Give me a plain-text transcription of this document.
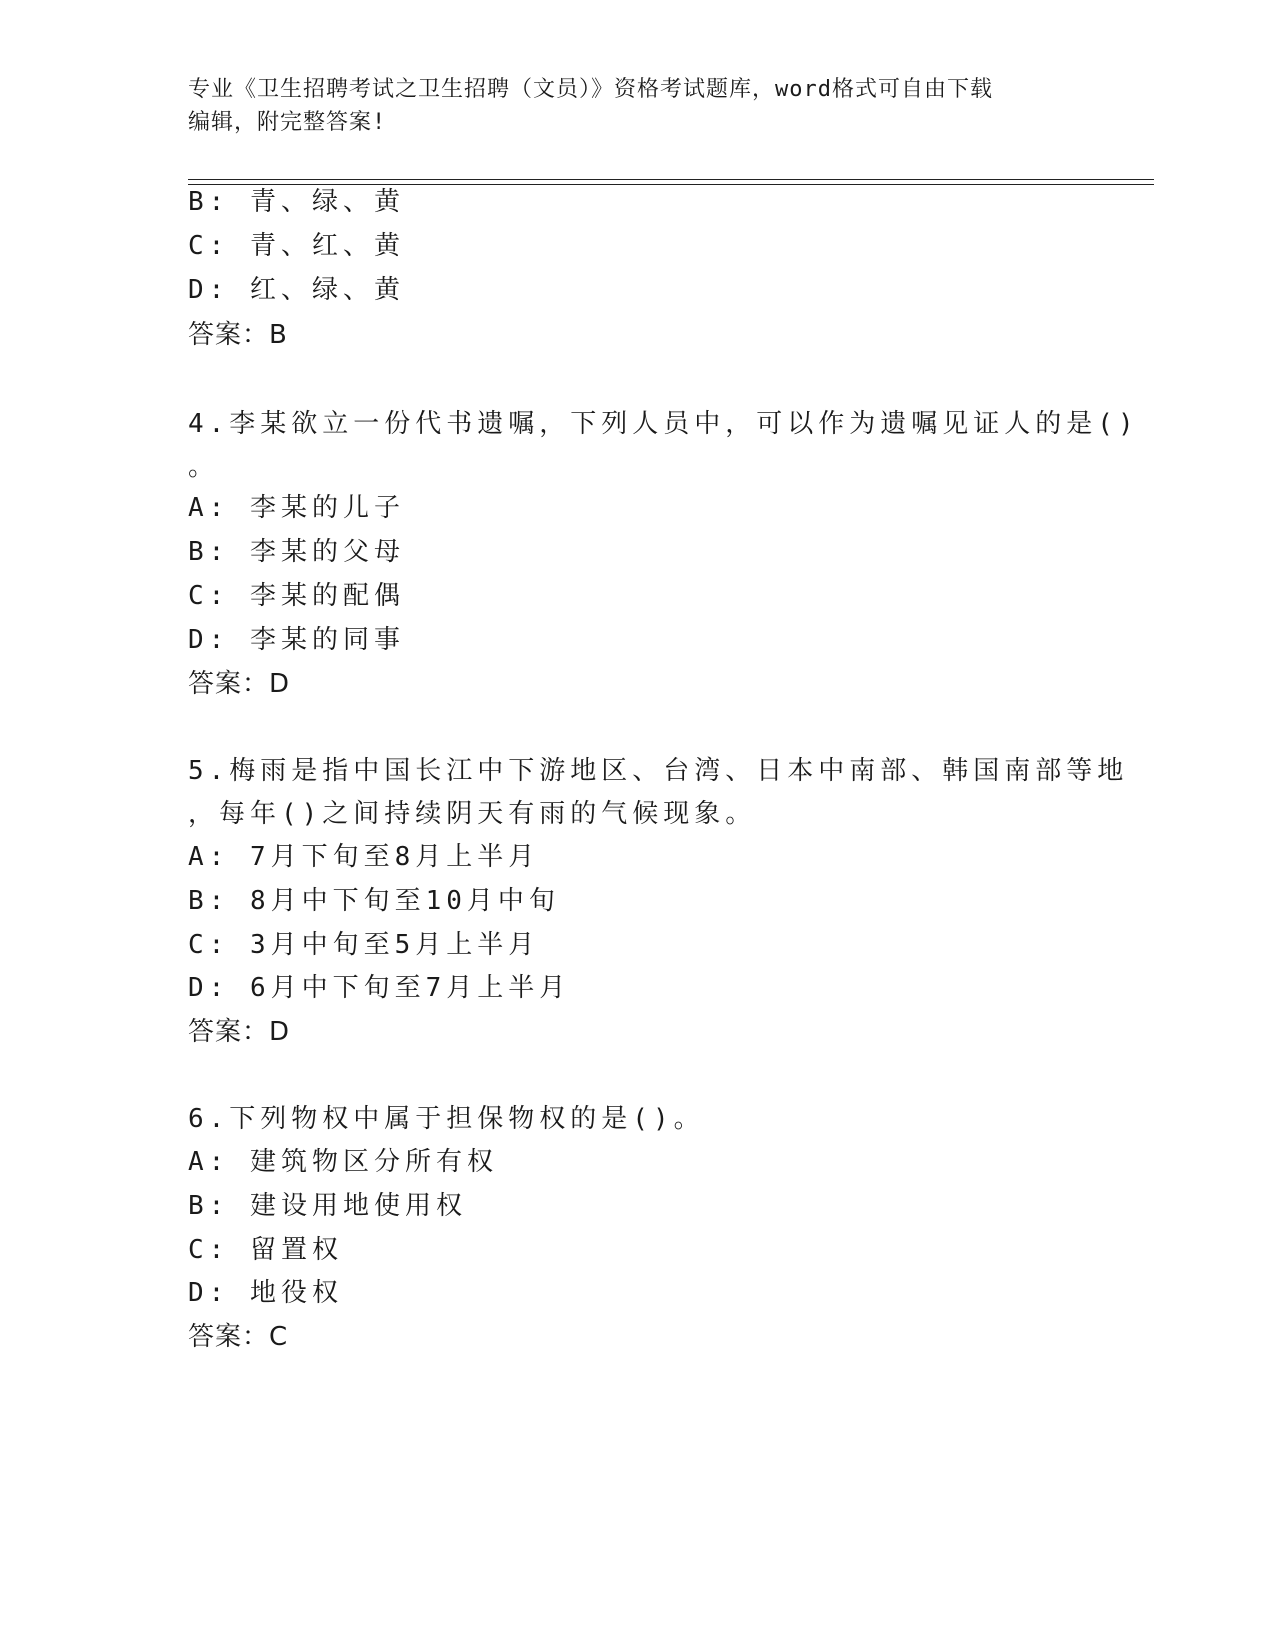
专业《卫生招聘考试之卫生招聘（文员）》资格考试题库，word格式可自由下载
编辑，附完整答案!
B: 青、绿、黄
C: 青、红、黄
D: 红、绿、黄
答案：B
4.李某欲立一份代书遗嘱，下列人员中，可以作为遗嘱见证人的是()
。
A: 李某的儿子
B: 李某的父母
C: 李某的配偶
D: 李某的同事
答案：D
5.梅雨是指中国长江中下游地区、台湾、日本中南部、韩国南部等地
，每年()之间持续阴天有雨的气候现象。
A: 7月下旬至8月上半月
B: 8月中下旬至10月中旬
C: 3月中旬至5月上半月
D: 6月中下旬至7月上半月
答案：D
6.下列物权中属于担保物权的是()。
A: 建筑物区分所有权
B: 建设用地使用权
C: 留置权
D: 地役权
答案：C
